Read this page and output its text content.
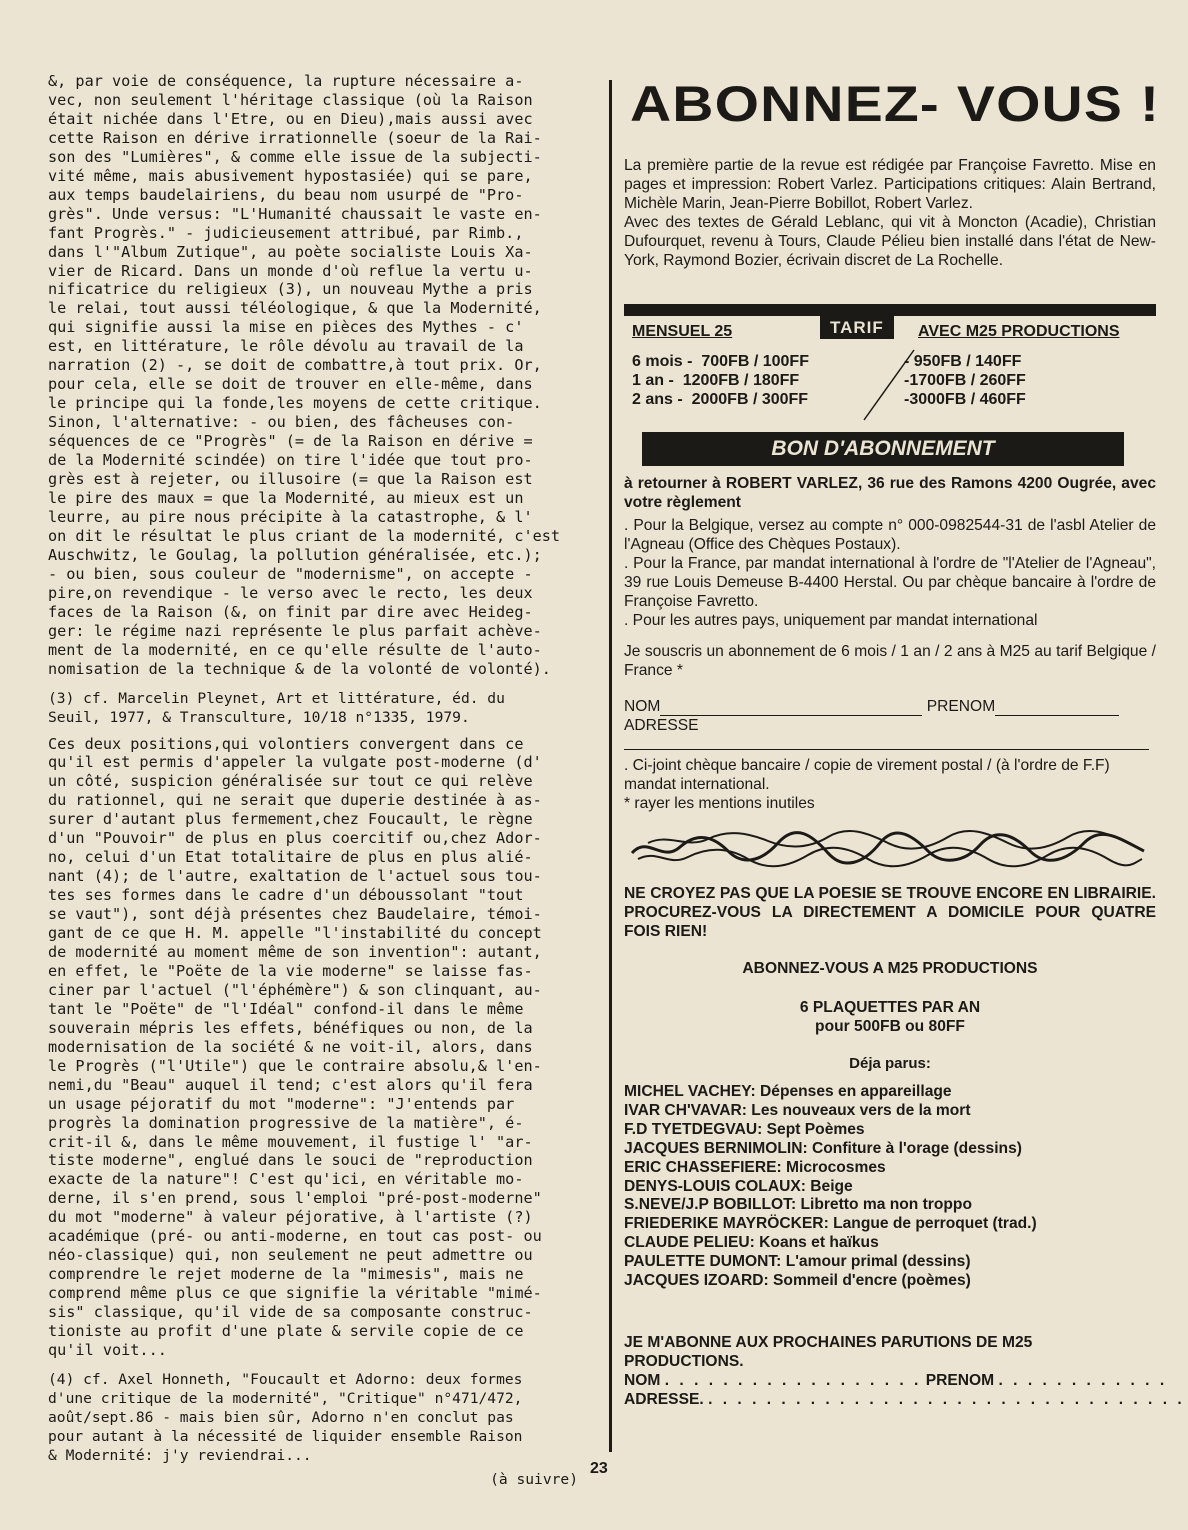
&, par voie de conséquence, la rupture nécessaire a-
vec, non seulement l'héritage classique (où la Raison
était nichée dans l'Etre, ou en Dieu),mais aussi avec
cette Raison en dérive irrationnelle (soeur de la Rai-
son des "Lumières", & comme elle issue de la subjecti-
vité même, mais abusivement hypostasiée) qui se pare,
aux temps baudelairiens, du beau nom usurpé de "Pro-
grès". Unde versus: "L'Humanité chaussait le vaste en-
fant Progrès." - judicieusement attribué, par Rimb.,
dans l'"Album Zutique", au poète socialiste Louis Xa-
vier de Ricard. Dans un monde d'où reflue la vertu u-
nificatrice du religieux (3), un nouveau Mythe a pris
le relai, tout aussi téléologique, & que la Modernité,
qui signifie aussi la mise en pièces des Mythes - c'
est, en littérature, le rôle dévolu au travail de la
narration (2) -, se doit de combattre,à tout prix. Or,
pour cela, elle se doit de trouver en elle-même, dans
le principe qui la fonde,les moyens de cette critique.
Sinon, l'alternative: - ou bien, des fâcheuses con-
séquences de ce "Progrès" (= de la Raison en dérive =
de la Modernité scindée) on tire l'idée que tout pro-
grès est à rejeter, ou illusoire (= que la Raison est
le pire des maux = que la Modernité, au mieux est un
leurre, au pire nous précipite à la catastrophe, & l'
on dit le résultat le plus criant de la modernité, c'est
Auschwitz, le Goulag, la pollution généralisée, etc.);
- ou bien, sous couleur de "modernisme", on accepte -
pire,on revendique - le verso avec le recto, les deux
faces de la Raison (&, on finit par dire avec Heideg-
ger: le régime nazi représente le plus parfait achève-
ment de la modernité, en ce qu'elle résulte de l'auto-
nomisation de la technique & de la volonté de volonté).
(3) cf. Marcelin Pleynet, Art et littérature, éd. du
Seuil, 1977, & Transculture, 10/18 n°1335, 1979.
Ces deux positions,qui volontiers convergent dans ce
qu'il est permis d'appeler la vulgate post-moderne (d'
un côté, suspicion généralisée sur tout ce qui relève
du rationnel, qui ne serait que duperie destinée à as-
surer d'autant plus fermement,chez Foucault, le règne
d'un "Pouvoir" de plus en plus coercitif ou,chez Ador-
no, celui d'un Etat totalitaire de plus en plus alié-
nant (4); de l'autre, exaltation de l'actuel sous tou-
tes ses formes dans le cadre d'un déboussolant "tout
se vaut"), sont déjà présentes chez Baudelaire, témoi-
gant de ce que H. M. appelle "l'instabilité du concept
de modernité au moment même de son invention": autant,
en effet, le "Poëte de la vie moderne" se laisse fas-
ciner par l'actuel ("l'éphémère") & son clinquant, au-
tant le "Poëte" de "l'Idéal" confond-il dans le même
souverain mépris les effets, bénéfiques ou non, de la
modernisation de la société & ne voit-il, alors, dans
le Progrès ("l'Utile") que le contraire absolu,& l'en-
nemi,du "Beau" auquel il tend; c'est alors qu'il fera
un usage péjoratif du mot "moderne": "J'entends par
progrès la domination progressive de la matière", é-
crit-il &, dans le même mouvement, il fustige l' "ar-
tiste moderne", englué dans le souci de "reproduction
exacte de la nature"! C'est qu'ici, en véritable mo-
derne, il s'en prend, sous l'emploi "pré-post-moderne"
du mot "moderne" à valeur péjorative, à l'artiste (?)
académique (pré- ou anti-moderne, en tout cas post- ou
néo-classique) qui, non seulement ne peut admettre ou
comprendre le rejet moderne de la "mimesis", mais ne
comprend même plus ce que signifie la véritable "mimé-
sis" classique, qu'il vide de sa composante construc-
tioniste au profit d'une plate & servile copie de ce
qu'il voit...
(4) cf. Axel Honneth, "Foucault et Adorno: deux formes
d'une critique de la modernité", "Critique" n°471/472,
août/sept.86 - mais bien sûr, Adorno n'en conclut pas
pour autant à la nécessité de liquider ensemble Raison
& Modernité: j'y reviendrai...

(à suivre)

23
ABONNEZ- VOUS !

La première partie de la revue est rédigée par Françoise Favretto. Mise en pages et impression: Robert Varlez. Participations critiques: Alain Bertrand, Michèle Marin, Jean-Pierre Bobillot, Robert Varlez.

Avec des textes de Gérald Leblanc, qui vit à Moncton (Acadie), Christian Dufourquet, revenu à Tours, Claude Pélieu bien installé dans l'état de New-York, Raymond Bozier, écrivain discret de La Rochelle.

MENSUEL 25	TARIF	AVEC M25 PRODUCTIONS
6 mois - 700FB / 100FF	- 950FB / 140FF
1 an - 1200FB / 180FF	-1700FB / 260FF
2 ans - 2000FB / 300FF	-3000FB / 460FF
BON D'ABONNEMENT

à retourner à ROBERT VARLEZ, 36 rue des Ramons 4200 Ougrée, avec votre règlement

. Pour la Belgique, versez au compte n° 000-0982544-31 de l'asbl Atelier de l'Agneau (Office des Chèques Postaux).

. Pour la France, par mandat international à l'ordre de "l'Atelier de l'Agneau", 39 rue Louis Demeuse B-4400 Herstal. Ou par chèque bancaire à l'ordre de Françoise Favretto.

. Pour les autres pays, uniquement par mandat international

Je souscris un abonnement de 6 mois / 1 an / 2 ans à M25 au tarif Belgique / France *

NOM	PRENOM
ADRESSE

. Ci-joint chèque bancaire / copie de virement postal / (à l'ordre de F.F)

mandat international.

* rayer les mentions inutiles

NE CROYEZ PAS QUE LA POESIE SE TROUVE ENCORE EN LIBRAIRIE. PROCUREZ-VOUS LA DIRECTEMENT A DOMICILE POUR QUATRE FOIS RIEN!

ABONNEZ-VOUS A M25 PRODUCTIONS

6 PLAQUETTES PAR AN

pour 500FB ou 80FF

Déja parus:

MICHEL VACHEY: Dépenses en appareillage

IVAR CH'VAVAR: Les nouveaux vers de la mort

F.D TYETDEGVAU: Sept Poèmes

JACQUES BERNIMOLIN: Confiture à l'orage (dessins)

ERIC CHASSEFIERE: Microcosmes

DENYS-LOUIS COLAUX: Beige

S.NEVE/J.P BOBILLOT: Libretto ma non troppo

FRIEDERIKE MAYRÖCKER: Langue de perroquet (trad.)

CLAUDE PELIEU: Koans et haïkus

PAULETTE DUMONT: L'amour primal (dessins)

JACQUES IZOARD: Sommeil d'encre (poèmes)

JE M'ABONNE AUX PROCHAINES PARUTIONS DE M25 PRODUCTIONS.

NOM . . . . . . . . . . . . . . . . . . PRENOM . . . . . . . . . . . .

ADRESSE. . . . . . . . . . . . . . . . . . . . . . . . . . . . . . . . . .
